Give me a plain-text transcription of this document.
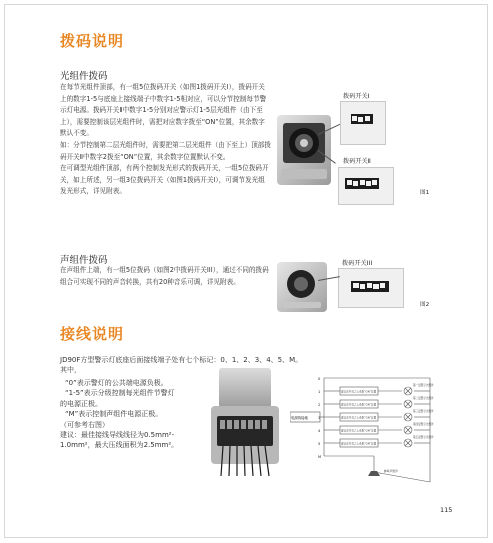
拨码说明
光组件拨码

在每节光组件顶部，有一组5位拨码开关（如图1拨码开关Ⅰ），拨码开关上的数字1-5与底座上接线端子中数字1-5相对应，可以分节控制每节警示灯电源。拨码开关Ⅱ中数字1-5分别对应警示灯1-5层光组件（由下至上），需要控制该层光组件时，需把对应数字拨至“ON”位置，其余数字默认不变。

如：分节控制第二层光组件时，需要把第二层光组件（由下至上）顶部拨码开关Ⅱ中数字2拨至“ON”位置，其余数字位置默认不变。

在可调型光组件顶部，有两个控制发光形式的拨码开关，一组5位拨码开关，如上所述，另一组3位拨码开关（如图1拨码开关Ⅰ），可调节发光组发光形式，详见附表。

拨码开关Ⅰ
拨码开关Ⅱ
图1
声组件拨码

在声组件上端，有一组5位拨码（如图2中拨码开关III），通过不同的拨码组合可实现不同的声音转换，共有20种音乐可调，详见附表。

拨码开关III
图2
接线说明

JD90F方型警示灯底座后面接线端子处有七个标记：0、1、2、3、4、5、M。

其中，

“0”表示警灯的公共端电源负极。

“1-5”表示分级控制每光组件节警灯

的电源正极。

“M”表示控制声组件电源正极。

（可参考右图）

建议：最佳接线导线线径为0.5mm²-

1.0mm²，最大压线面积为2.5mm²。

电源线接地
0
1
2
3
4
5
M
建议在开关之上选取“ON”位置
建议在开关之上选取“ON”位置
建议在开关之上选取“ON”位置
建议在开关之上选取“ON”位置
建议在开关之上选取“ON”位置
第一层警示光组件
第二层警示光组件
第三层警示光组件
第四层警示光组件
第五层警示光组件
蜂鸣声组件
115
